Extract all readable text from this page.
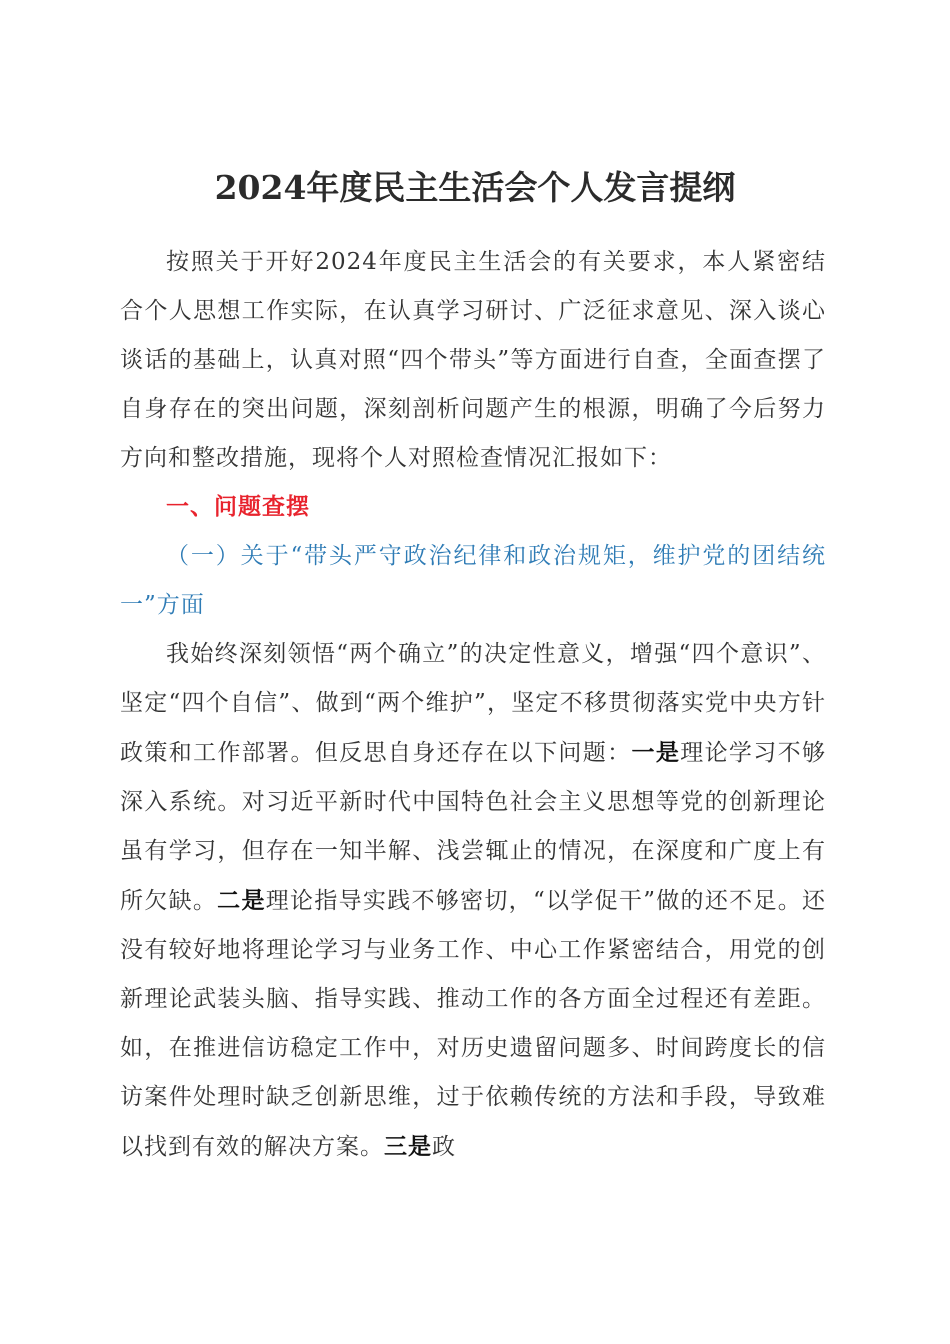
2024年度民主生活会个人发言提纲

按照关于开好2024年度民主生活会的有关要求，本人紧密结合个人思想工作实际，在认真学习研讨、广泛征求意见、深入谈心谈话的基础上，认真对照“四个带头”等方面进行自查，全面查摆了自身存在的突出问题，深刻剖析问题产生的根源，明确了今后努力方向和整改措施，现将个人对照检查情况汇报如下：

一、问题查摆

（一）关于“带头严守政治纪律和政治规矩，维护党的团结统一”方面

我始终深刻领悟“两个确立”的决定性意义，增强“四个意识”、坚定“四个自信”、做到“两个维护”，坚定不移贯彻落实党中央方针政策和工作部署。但反思自身还存在以下问题：一是理论学习不够深入系统。对习近平新时代中国特色社会主义思想等党的创新理论虽有学习，但存在一知半解、浅尝辄止的情况，在深度和广度上有所欠缺。二是理论指导实践不够密切，“以学促干”做的还不足。还没有较好地将理论学习与业务工作、中心工作紧密结合，用党的创新理论武装头脑、指导实践、推动工作的各方面全过程还有差距。如，在推进信访稳定工作中，对历史遗留问题多、时间跨度长的信访案件处理时缺乏创新思维，过于依赖传统的方法和手段，导致难以找到有效的解决方案。三是政
